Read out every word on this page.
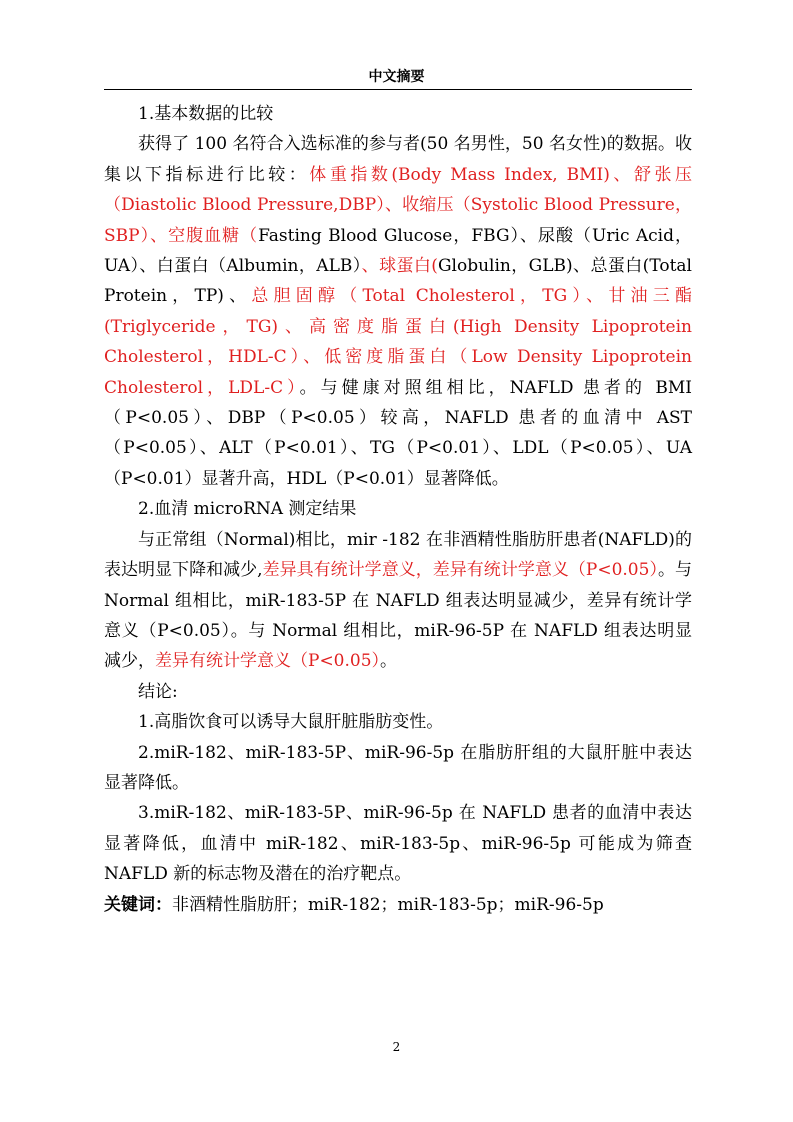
中文摘要

1.基本数据的比较

获得了 100 名符合入选标准的参与者(50 名男性，50 名女性)的数据。收集以下指标进行比较：体重指数(Body Mass Index, BMI)、舒张压（Diastolic Blood Pressure,DBP）、收缩压（Systolic Blood Pressure，SBP）、空腹血糖（Fasting Blood Glucose，FBG）、尿酸（Uric Acid，UA）、白蛋白（Albumin，ALB）、球蛋白(Globulin，GLB)、总蛋白(Total Protein，TP)、总胆固醇（Total Cholesterol，TG）、甘油三酯(Triglyceride，TG)、高密度脂蛋白(High Density Lipoprotein Cholesterol，HDL-C）、低密度脂蛋白（Low Density Lipoprotein Cholesterol，LDL-C）。与健康对照组相比，NAFLD 患者的 BMI（P<0.05）、DBP（P<0.05）较高，NAFLD 患者的血清中 AST（P<0.05）、ALT（P<0.01）、TG（P<0.01）、LDL（P<0.05）、UA（P<0.01）显著升高，HDL（P<0.01）显著降低。

2.血清 microRNA 测定结果

与正常组（Normal)相比，mir -182 在非酒精性脂肪肝患者(NAFLD)的表达明显下降和减少,差异具有统计学意义，差异有统计学意义（P<0.05）。与 Normal 组相比，miR-183-5P 在 NAFLD 组表达明显减少，差异有统计学意义（P<0.05）。与 Normal 组相比，miR-96-5P 在 NAFLD 组表达明显减少，差异有统计学意义（P<0.05）。

结论:

1.高脂饮食可以诱导大鼠肝脏脂肪变性。

2.miR-182、miR-183-5P、miR-96-5p 在脂肪肝组的大鼠肝脏中表达显著降低。

3.miR-182、miR-183-5P、miR-96-5p 在 NAFLD 患者的血清中表达显著降低，血清中 miR-182、miR-183-5p、miR-96-5p 可能成为筛查 NAFLD 新的标志物及潜在的治疗靶点。

关键词：非酒精性脂肪肝；miR-182；miR-183-5p；miR-96-5p

2
